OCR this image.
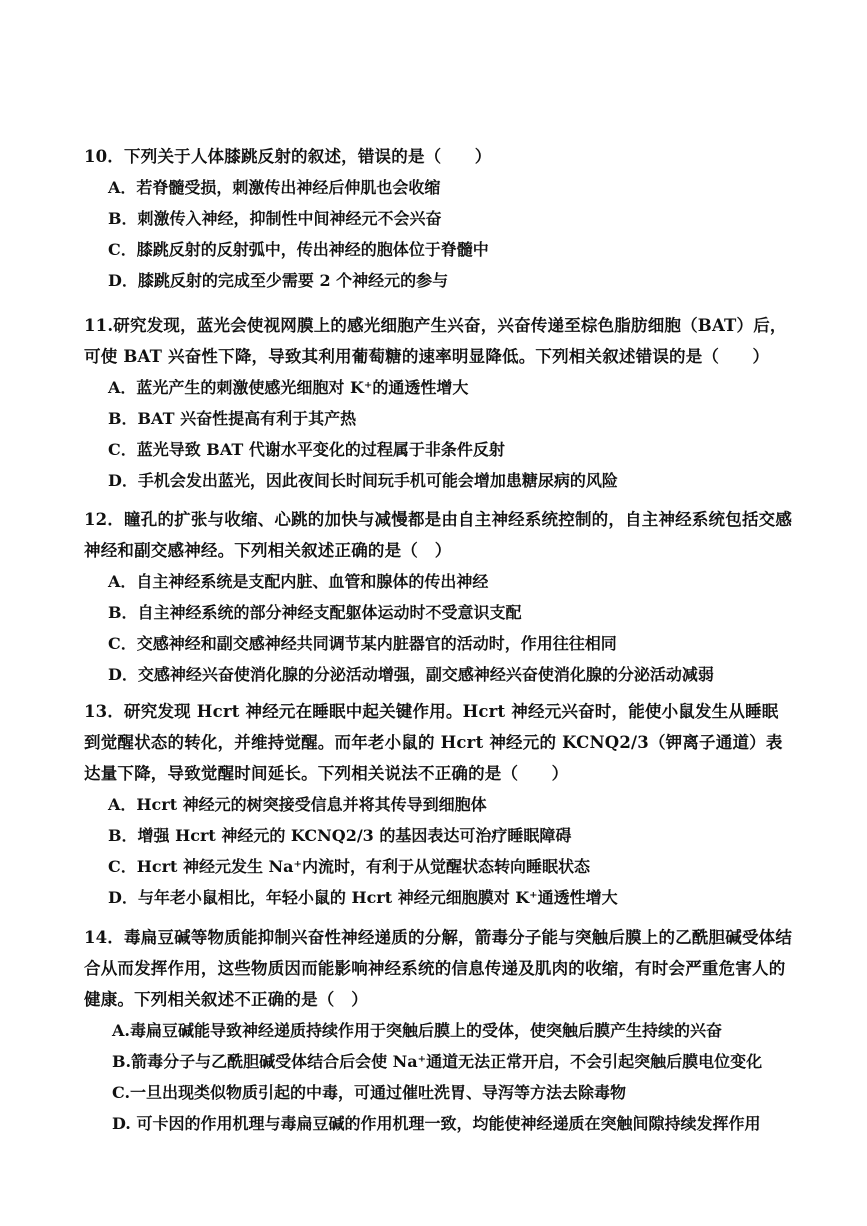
10．下列关于人体膝跳反射的叙述，错误的是（　　）
A．若脊髓受损，刺激传出神经后伸肌也会收缩
B．刺激传入神经，抑制性中间神经元不会兴奋
C．膝跳反射的反射弧中，传出神经的胞体位于脊髓中
D．膝跳反射的完成至少需要 2 个神经元的参与
11.研究发现，蓝光会使视网膜上的感光细胞产生兴奋，兴奋传递至棕色脂肪细胞（BAT）后，可使 BAT 兴奋性下降，导致其利用葡萄糖的速率明显降低。下列相关叙述错误的是（　　）
A．蓝光产生的刺激使感光细胞对 K⁺的通透性增大
B．BAT 兴奋性提高有利于其产热
C．蓝光导致 BAT 代谢水平变化的过程属于非条件反射
D．手机会发出蓝光，因此夜间长时间玩手机可能会增加患糖尿病的风险
12．瞳孔的扩张与收缩、心跳的加快与减慢都是由自主神经系统控制的，自主神经系统包括交感神经和副交感神经。下列相关叙述正确的是（　）
A．自主神经系统是支配内脏、血管和腺体的传出神经
B．自主神经系统的部分神经支配躯体运动时不受意识支配
C．交感神经和副交感神经共同调节某内脏器官的活动时，作用往往相同
D．交感神经兴奋使消化腺的分泌活动增强，副交感神经兴奋使消化腺的分泌活动减弱
13．研究发现 Hcrt 神经元在睡眠中起关键作用。Hcrt 神经元兴奋时，能使小鼠发生从睡眠到觉醒状态的转化，并维持觉醒。而年老小鼠的 Hcrt 神经元的 KCNQ2/3（钾离子通道）表达量下降，导致觉醒时间延长。下列相关说法不正确的是（　　）
A．Hcrt 神经元的树突接受信息并将其传导到细胞体
B．增强 Hcrt 神经元的 KCNQ2/3 的基因表达可治疗睡眠障碍
C．Hcrt 神经元发生 Na⁺内流时，有利于从觉醒状态转向睡眠状态
D．与年老小鼠相比，年轻小鼠的 Hcrt 神经元细胞膜对 K⁺通透性增大
14．毒扁豆碱等物质能抑制兴奋性神经递质的分解，箭毒分子能与突触后膜上的乙酰胆碱受体结合从而发挥作用，这些物质因而能影响神经系统的信息传递及肌肉的收缩，有时会严重危害人的健康。下列相关叙述不正确的是（　）
A.毒扁豆碱能导致神经递质持续作用于突触后膜上的受体，使突触后膜产生持续的兴奋
B.箭毒分子与乙酰胆碱受体结合后会使 Na⁺通道无法正常开启，不会引起突触后膜电位变化
C.一旦出现类似物质引起的中毒，可通过催吐洗胃、导泻等方法去除毒物
D. 可卡因的作用机理与毒扁豆碱的作用机理一致，均能使神经递质在突触间隙持续发挥作用
